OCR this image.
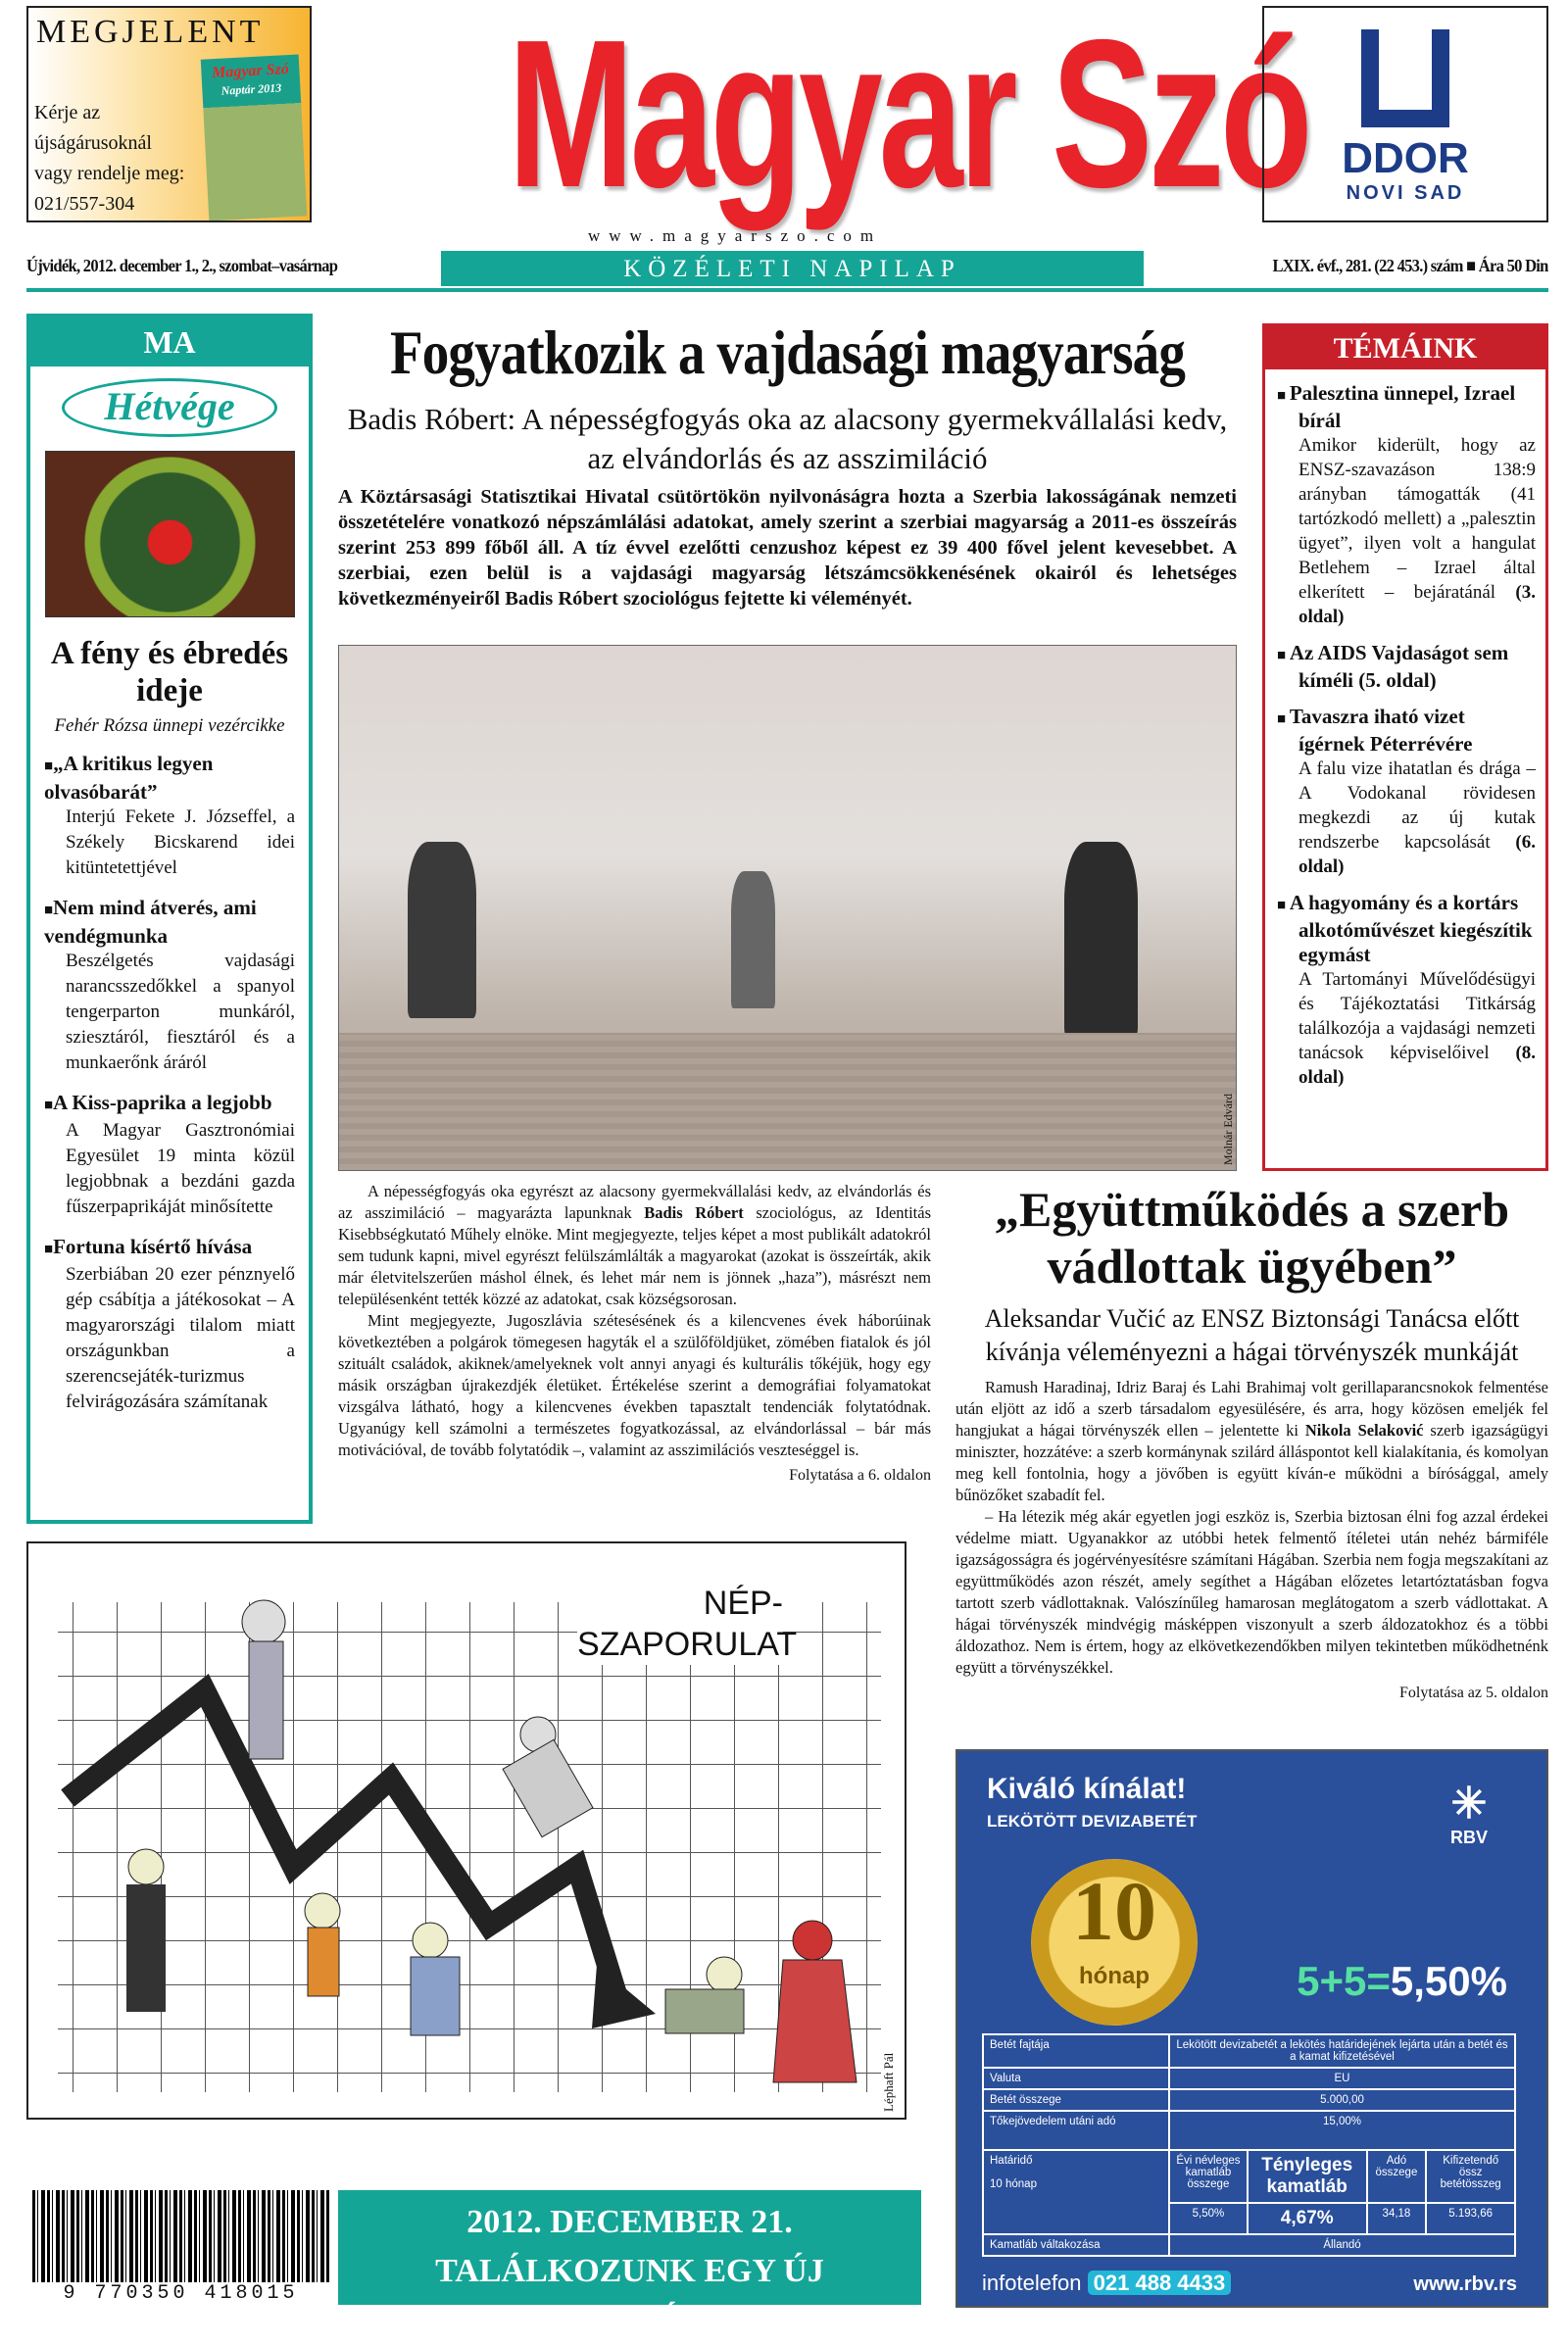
Magyar Szó
Naptár 2013
MEGJELENT
Kérje az
újságárusoknál
vagy rendelje meg:
021/557-304	Magyar Szó DDOR
NOVI SAD
www.magyarszo.com
Újvidék, 2012. december 1., 2., szombat–vasárnap	KÖZÉLETI NAPILAP	LXIX. évf., 281. (22 453.) szám ■ Ára 50 Din
MA
Hétvége
A fény és ébredés ideje
Fehér Rózsa ünnepi vezércikke
■ „A kritikus legyen olvasóbarát”

Interjú Fekete J. Józseffel, a Székely Bicskarend idei kitüntetettjével

■ Nem mind átverés, ami vendégmunka

Beszélgetés vajdasági narancsszedőkkel a spanyol tengerparton munkáról, sziesztáról, fiesztáról és a munkaerőnk áráról

■ A Kiss-paprika a legjobb

A Magyar Gasztronómiai Egyesület 19 minta közül legjobbnak a bezdáni gazda fűszerpaprikáját minősítette

■ Fortuna kísértő hívása

Szerbiában 20 ezer pénznyelő gép csábítja a játékosokat – A magyarországi tilalom miatt országunkban a szerencsejáték-turizmus felvirágozására számítanak

Fogyatkozik a vajdasági magyarság
Badis Róbert: A népességfogyás oka az alacsony gyermekvállalási kedv, az elvándorlás és az asszimiláció
A Köztársasági Statisztikai Hivatal csütörtökön nyilvonáságra hozta a Szerbia lakosságának nemzeti összetételére vonatkozó népszámlálási adatokat, amely szerint a szerbiai magyarság a 2011-es összeírás szerint 253 899 főből áll. A tíz évvel ezelőtti cenzushoz képest ez 39 400 fővel jelent kevesebbet. A szerbiai, ezen belül is a vajdasági magyarság létszámcsökkenésének okairól és lehetséges következményeiről Badis Róbert szociológus fejtette ki véleményét.
Molnár Edvárd

A népességfogyás oka egyrészt az alacsony gyermekvállalási kedv, az elvándorlás és az asszimiláció – magyarázta lapunknak Badis Róbert szociológus, az Identitás Kisebbségkutató Műhely elnöke. Mint megjegyezte, teljes képet a most publikált adatokról sem tudunk kapni, mivel egyrészt felülszámlálták a magyarokat (azokat is összeírták, akik már életvitelszerűen máshol élnek, és lehet már nem is jönnek „haza”), másrészt nem településenként tették közzé az adatokat, csak községsorosan.

Mint megjegyezte, Jugoszlávia szétesésének és a kilencvenes évek háborúinak következtében a polgárok tömegesen hagyták el a szülőföldjüket, zömében fiatalok és jól szituált családok, akiknek/amelyeknek volt annyi anyagi és kulturális tőkéjük, hogy egy másik országban újrakezdjék életüket. Értékelése szerint a demográfiai folyamatokat vizsgálva látható, hogy a kilencvenes években tapasztalt tendenciák folytatódnak. Ugyanúgy kell számolni a természetes fogyatkozással, az elvándorlással – bár más motivációval, de tovább folytatódik –, valamint az asszimilációs veszteséggel is.

Folytatása a 6. oldalon
TÉMÁINK
■ Palesztina ünnepel, Izrael bírál

Amikor kiderült, hogy az ENSZ-szavazáson 138:9 arányban támogatták (41 tartózkodó mellett) a „palesztin ügyet”, ilyen volt a hangulat Betlehem – Izrael által elkerített – bejáratánál (3. oldal)

■ Az AIDS Vajdaságot sem kíméli (5. oldal)
■ Tavaszra iható vizet ígérnek Péterrévére

A falu vize ihatatlan és drága – A Vodokanal rövidesen megkezdi az új kutak rendszerbe kapcsolását (6. oldal)

■ A hagyomány és a kortárs alkotóművészet kiegészítik egymást

A Tartományi Művelődésügyi és Tájékoztatási Titkárság találkozója a vajdasági nemzeti tanácsok képviselőivel (8. oldal)

„Együttműködés a szerb vádlottak ügyében”
Aleksandar Vučić az ENSZ Biztonsági Tanácsa előtt kívánja véleményezni a hágai törvényszék munkáját

Ramush Haradinaj, Idriz Baraj és Lahi Brahimaj volt gerillaparancsnokok felmentése után eljött az idő a szerb társadalom egyesülésére, és arra, hogy közösen emeljék fel hangjukat a hágai törvényszék ellen – jelentette ki Nikola Selaković szerb igazságügyi miniszter, hozzátéve: a szerb kormánynak szilárd álláspontot kell kialakítania, és komolyan meg kell fontolnia, hogy a jövőben is együtt kíván-e működni a bírósággal, amely bűnözőket szabadít fel.

– Ha létezik még akár egyetlen jogi eszköz is, Szerbia biztosan élni fog azzal érdekei védelme miatt. Ugyanakkor az utóbbi hetek felmentő ítéletei után nehéz bármiféle igazságosságra és jogérvényesítésre számítani Hágában. Szerbia nem fogja megszakítani az együttműködés azon részét, amely segíthet a Hágában előzetes letartóztatásban fogva tartott szerb vádlottaknak. Valószínűleg hamarosan meglátogatom a szerb vádlottakat. A hágai törvényszék mindvégig másképpen viszonyult a szerb áldozatokhoz és a többi áldozathoz. Nem is értem, hogy az elkövetkezendőkben milyen tekintetben működhetnénk együtt a törvényszékkel.

Folytatása az 5. oldalon
NÉP-SZAPORULAT
Léphaft Pál
9 770350 418015
2012. DECEMBER 21.
TALÁLKOZUNK EGY ÚJ DIMENZIÓBAN
Kiváló kínálat!
LEKÖTÖTT DEVIZABETÉT	✳
RBV
10
hónap	5+5=5,50%
Betét fajtája	Lekötött devizabetét a lekötés határidejének lejárta után a betét és a kamat kifizetésével			
Valuta	EU			
Betét összege	5.000,00			
Tőkejövedelem utáni adó	15,00%			

Határidő

10 hónap	Évi névleges kamatláb összege	Tényleges kamatláb	Adó összege	Kifizetendő össz betétösszeg
	5,50%	4,67%	34,18	5.193,66
Kamatláb váltakozása	Állandó			
infotelefon 021 488 4433	www.rbv.rs
